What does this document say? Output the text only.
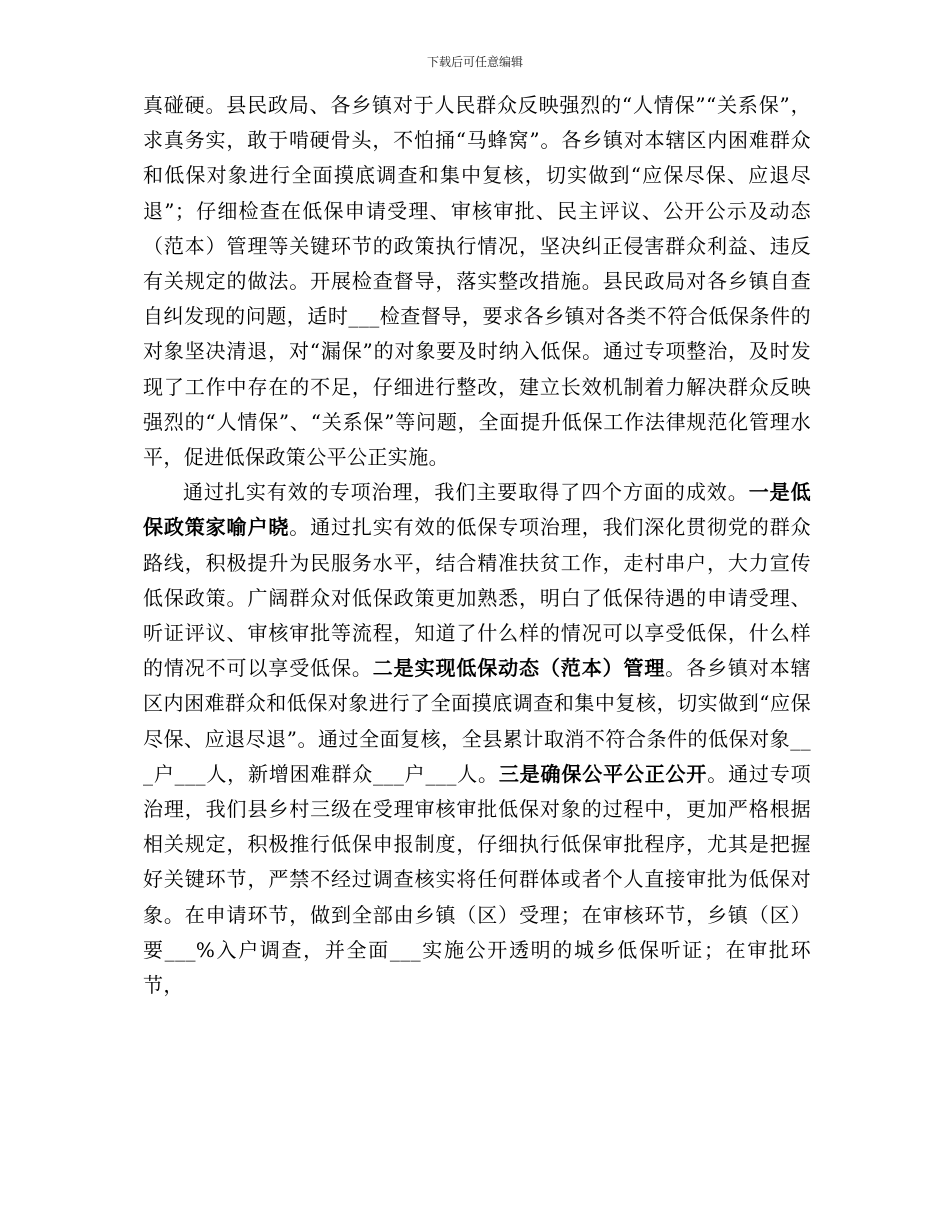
下载后可任意编辑

真碰硬。县民政局、各乡镇对于人民群众反映强烈的“人情保”“关系保”，求真务实，敢于啃硬骨头，不怕捅“马蜂窝”。各乡镇对本辖区内困难群众和低保对象进行全面摸底调查和集中复核，切实做到“应保尽保、应退尽退”；仔细检查在低保申请受理、审核审批、民主评议、公开公示及动态（范本）管理等关键环节的政策执行情况，坚决纠正侵害群众利益、违反有关规定的做法。开展检查督导，落实整改措施。县民政局对各乡镇自查自纠发现的问题，适时___检查督导，要求各乡镇对各类不符合低保条件的对象坚决清退，对“漏保”的对象要及时纳入低保。通过专项整治，及时发现了工作中存在的不足，仔细进行整改，建立长效机制着力解决群众反映强烈的“人情保”、“关系保”等问题，全面提升低保工作法律规范化管理水平，促进低保政策公平公正实施。

通过扎实有效的专项治理，我们主要取得了四个方面的成效。一是低保政策家喻户晓。通过扎实有效的低保专项治理，我们深化贯彻党的群众路线，积极提升为民服务水平，结合精准扶贫工作，走村串户，大力宣传低保政策。广阔群众对低保政策更加熟悉，明白了低保待遇的申请受理、听证评议、审核审批等流程，知道了什么样的情况可以享受低保，什么样的情况不可以享受低保。二是实现低保动态（范本）管理。各乡镇对本辖区内困难群众和低保对象进行了全面摸底调查和集中复核，切实做到“应保尽保、应退尽退”。通过全面复核，全县累计取消不符合条件的低保对象___户___人，新增困难群众___户___人。三是确保公平公正公开。通过专项治理，我们县乡村三级在受理审核审批低保对象的过程中，更加严格根据相关规定，积极推行低保申报制度，仔细执行低保审批程序，尤其是把握好关键环节，严禁不经过调查核实将任何群体或者个人直接审批为低保对象。在申请环节，做到全部由乡镇（区）受理；在审核环节，乡镇（区）要___%入户调查，并全面___实施公开透明的城乡低保听证；在审批环节，
